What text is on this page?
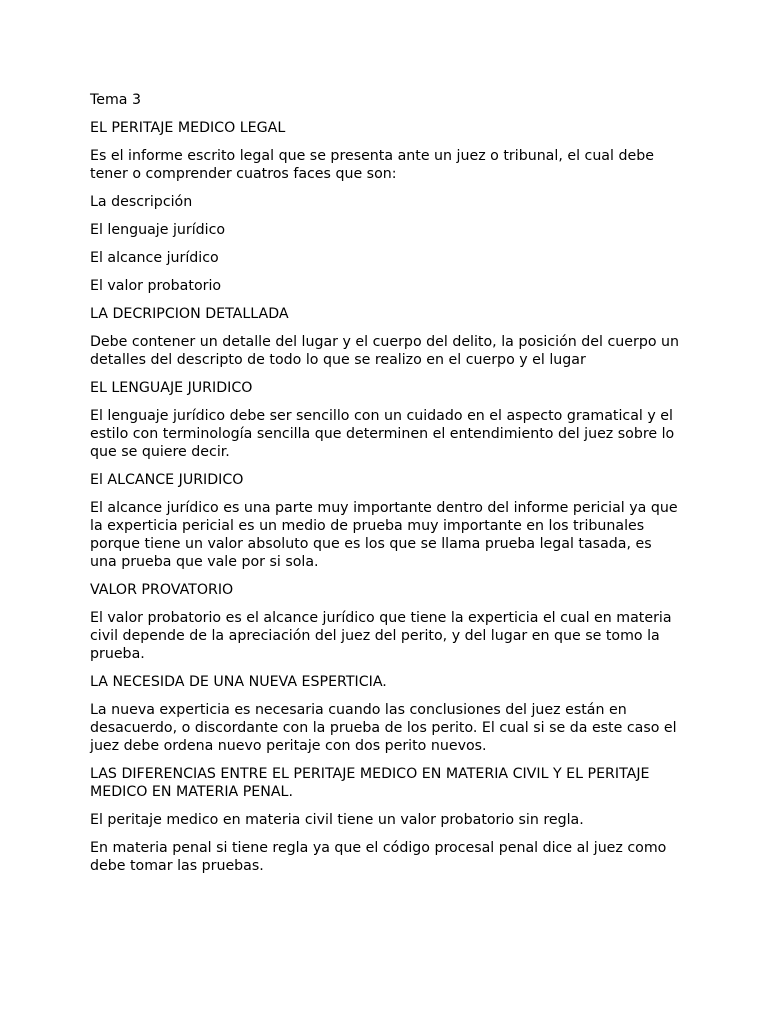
Tema 3

EL PERITAJE MEDICO LEGAL

Es el informe escrito legal que se presenta ante un juez o tribunal, el cual debe tener o comprender cuatros faces que son:

La descripción

El lenguaje jurídico

El alcance jurídico

El valor probatorio

LA DECRIPCION DETALLADA

Debe contener un detalle del lugar y el cuerpo del delito, la posición del cuerpo un detalles del descripto de todo lo que se realizo en el cuerpo y el lugar

EL LENGUAJE JURIDICO

El lenguaje jurídico debe ser sencillo con un cuidado en el aspecto gramatical y el estilo con terminología sencilla que determinen el entendimiento del juez sobre lo que se quiere decir.

El ALCANCE JURIDICO

El alcance jurídico es una parte muy importante dentro del informe pericial ya que la experticia pericial es un medio de prueba muy importante en los tribunales porque tiene un valor absoluto que es los que se llama prueba legal tasada, es una prueba que vale por si sola.

VALOR PROVATORIO

El valor probatorio es el alcance jurídico que tiene la experticia el cual en materia civil depende de la apreciación del juez del perito, y del lugar en que se tomo la prueba.

LA NECESIDA DE UNA NUEVA ESPERTICIA.

La nueva experticia es necesaria cuando las conclusiones del juez están en desacuerdo, o discordante con la prueba de los perito. El cual si se da este caso el juez debe ordena nuevo peritaje con dos perito nuevos.

LAS DIFERENCIAS ENTRE EL PERITAJE MEDICO EN MATERIA CIVIL Y EL PERITAJE MEDICO EN MATERIA PENAL.

El peritaje medico en materia civil tiene un valor probatorio sin regla.

En materia penal si tiene regla ya que el código procesal penal dice al juez como debe tomar las pruebas.
